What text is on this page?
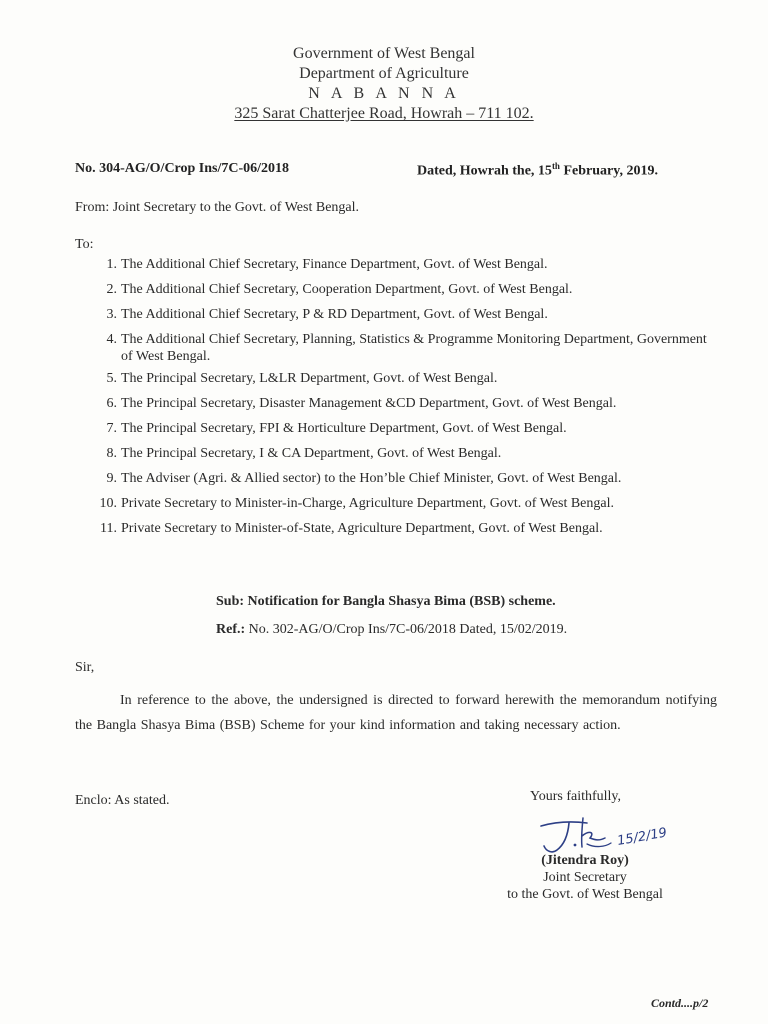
Government of West Bengal
Department of Agriculture
N A B A N N A
325 Sarat Chatterjee Road, Howrah – 711 102.
No. 304-AG/O/Crop Ins/7C-06/2018	Dated, Howrah the, 15th February, 2019.
From: Joint Secretary to the Govt. of West Bengal.
To:
1. The Additional Chief Secretary, Finance Department, Govt. of West Bengal.
2. The Additional Chief Secretary, Cooperation Department, Govt. of West Bengal.
3. The Additional Chief Secretary, P & RD Department, Govt. of West Bengal.
4. The Additional Chief Secretary, Planning, Statistics & Programme Monitoring Department, Government of West Bengal.
5. The Principal Secretary, L&LR Department, Govt. of West Bengal.
6. The Principal Secretary, Disaster Management &CD Department, Govt. of West Bengal.
7. The Principal Secretary, FPI & Horticulture Department, Govt. of West Bengal.
8. The Principal Secretary, I & CA Department, Govt. of West Bengal.
9. The Adviser (Agri. & Allied sector) to the Hon’ble Chief Minister, Govt. of West Bengal.
10. Private Secretary to Minister-in-Charge, Agriculture Department, Govt. of West Bengal.
11. Private Secretary to Minister-of-State, Agriculture Department, Govt. of West Bengal.
Sub: Notification for Bangla Shasya Bima (BSB) scheme.
Ref.: No. 302-AG/O/Crop Ins/7C-06/2018 Dated, 15/02/2019.
Sir,
In reference to the above, the undersigned is directed to forward herewith the memorandum notifying the Bangla Shasya Bima (BSB) Scheme for your kind information and taking necessary action.
Enclo: As stated.	Yours faithfully,
15/2/19
(Jitendra Roy)
Joint Secretary
to the Govt. of West Bengal
Contd....p/2
